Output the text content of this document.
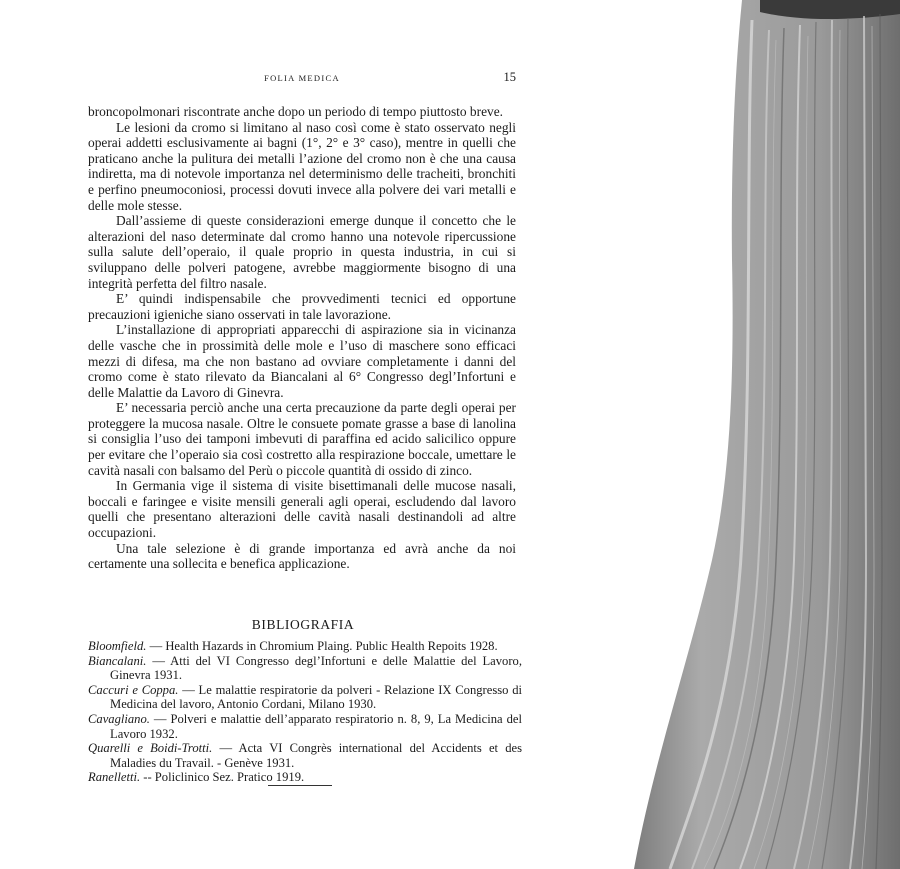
FOLIA MEDICA	15

broncopolmonari riscontrate anche dopo un periodo di tempo piuttosto breve.

Le lesioni da cromo si limitano al naso così come è stato osservato negli operai addetti esclusivamente ai bagni (1°, 2° e 3° caso), mentre in quelli che praticano anche la pulitura dei metalli l’azione del cromo non è che una causa indiretta, ma di notevole importanza nel determinismo delle tracheiti, bronchiti e perfino pneumoconiosi, processi dovuti invece alla polvere dei vari metalli e delle mole stesse.

Dall’assieme di queste considerazioni emerge dunque il concetto che le alterazioni del naso determinate dal cromo hanno una notevole ripercussione sulla salute dell’operaio, il quale proprio in questa industria, in cui si sviluppano delle polveri patogene, avrebbe maggiormente bisogno di una integrità perfetta del filtro nasale.

E’ quindi indispensabile che provvedimenti tecnici ed opportune precauzioni igieniche siano osservati in tale lavorazione.

L’installazione di appropriati apparecchi di aspirazione sia in vicinanza delle vasche che in prossimità delle mole e l’uso di maschere sono efficaci mezzi di difesa, ma che non bastano ad ovviare completamente i danni del cromo come è stato rilevato da Biancalani al 6° Congresso degl’Infortuni e delle Malattie da Lavoro di Ginevra.

E’ necessaria perciò anche una certa precauzione da parte degli operai per proteggere la mucosa nasale. Oltre le consuete pomate grasse a base di lanolina si consiglia l’uso dei tamponi imbevuti di paraffina ed acido salicilico oppure per evitare che l’operaio sia così costretto alla respirazione boccale, umettare le cavità nasali con balsamo del Perù o piccole quantità di ossido di zinco.

In Germania vige il sistema di visite bisettimanali delle mucose nasali, boccali e faringee e visite mensili generali agli operai, escludendo dal lavoro quelli che presentano alterazioni delle cavità nasali destinandoli ad altre occupazioni.

Una tale selezione è di grande importanza ed avrà anche da noi certamente una sollecita e benefica applicazione.

BIBLIOGRAFIA

Bloomfield. — Health Hazards in Chromium Plaing. Public Health Repoits 1928.

Biancalani. — Atti del VI Congresso degl’Infortuni e delle Malattie del Lavoro, Ginevra 1931.

Caccuri e Coppa. — Le malattie respiratorie da polveri - Relazione IX Congresso di Medicina del lavoro, Antonio Cordani, Milano 1930.

Cavagliano. — Polveri e malattie dell’apparato respiratorio n. 8, 9, La Medicina del Lavoro 1932.

Quarelli e Boidi-Trotti. — Acta VI Congrès international del Accidents et des Maladies du Travail. - Genève 1931.

Ranelletti. -- Policlinico Sez. Pratico 1919.
